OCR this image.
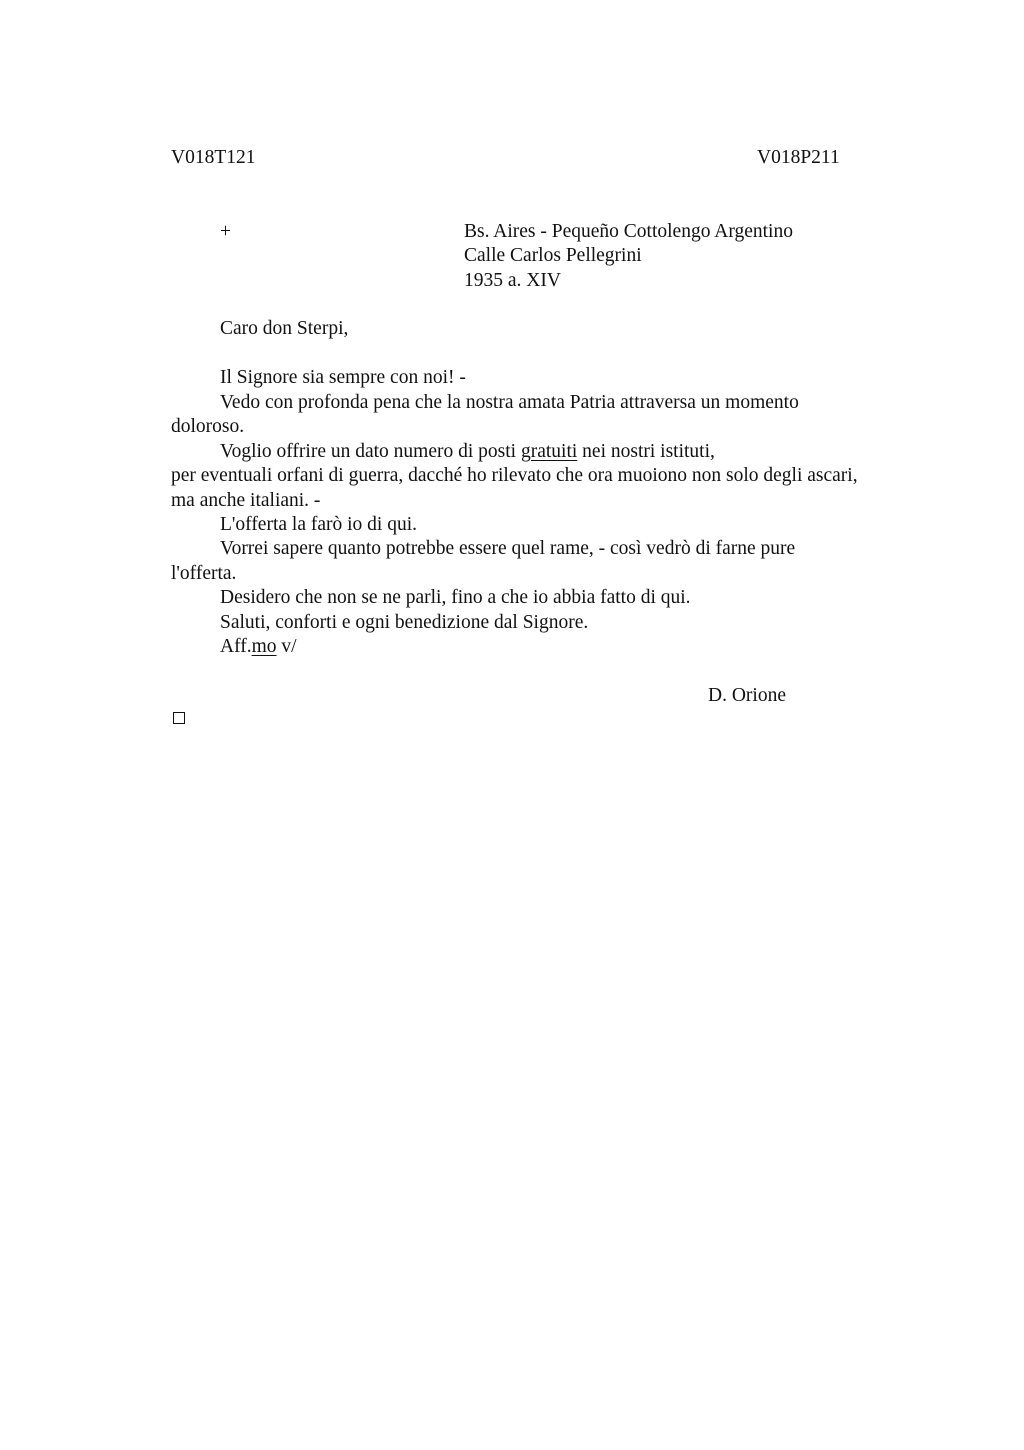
V018T121	V018P211
+	Bs. Aires - Pequeño Cottolengo Argentino
Calle Carlos Pellegrini
1935 a. XIV
Caro don Sterpi,
Il Signore sia sempre con noi! -
Vedo con profonda pena che la nostra amata Patria attraversa un momento
doloroso.
Voglio offrire un dato numero di posti gratuiti nei nostri istituti,
per eventuali orfani di guerra, dacché ho rilevato che ora muoiono non solo degli ascari,
ma anche italiani. -
L'offerta la farò io di qui.
Vorrei sapere quanto potrebbe essere quel rame, - così vedrò di farne pure
l'offerta.
Desidero che non se ne parli, fino a che io abbia fatto di qui.
Saluti, conforti e ogni benedizione dal Signore.
Aff.mo v/
D. Orione
